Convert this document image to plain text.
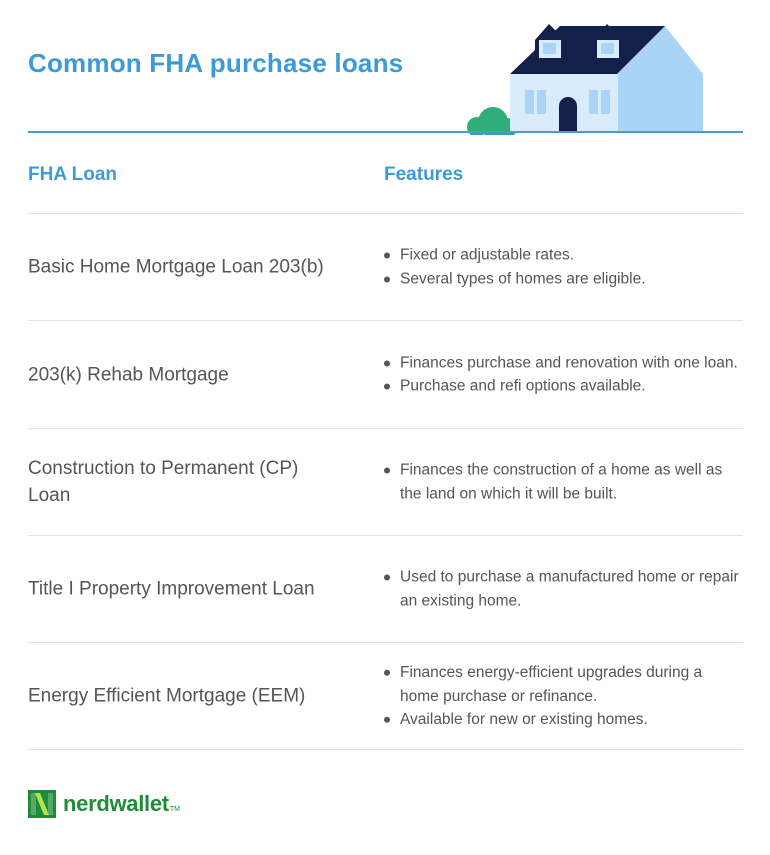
Common FHA purchase loans
FHA Loan	Features
Basic Home Mortgage Loan 203(b)
Fixed or adjustable rates.
Several types of homes are eligible.
203(k) Rehab Mortgage
Finances purchase and renovation with one loan.
Purchase and refi options available.
Construction to Permanent (CP) Loan
Finances the construction of a home as well as the land on which it will be built.
Title I Property Improvement Loan
Used to purchase a manufactured home or repair an existing home.
Energy Efficient Mortgage (EEM)
Finances energy-efficient upgrades during a home purchase or refinance.
Available for new or existing homes.
nerdwallet TM
